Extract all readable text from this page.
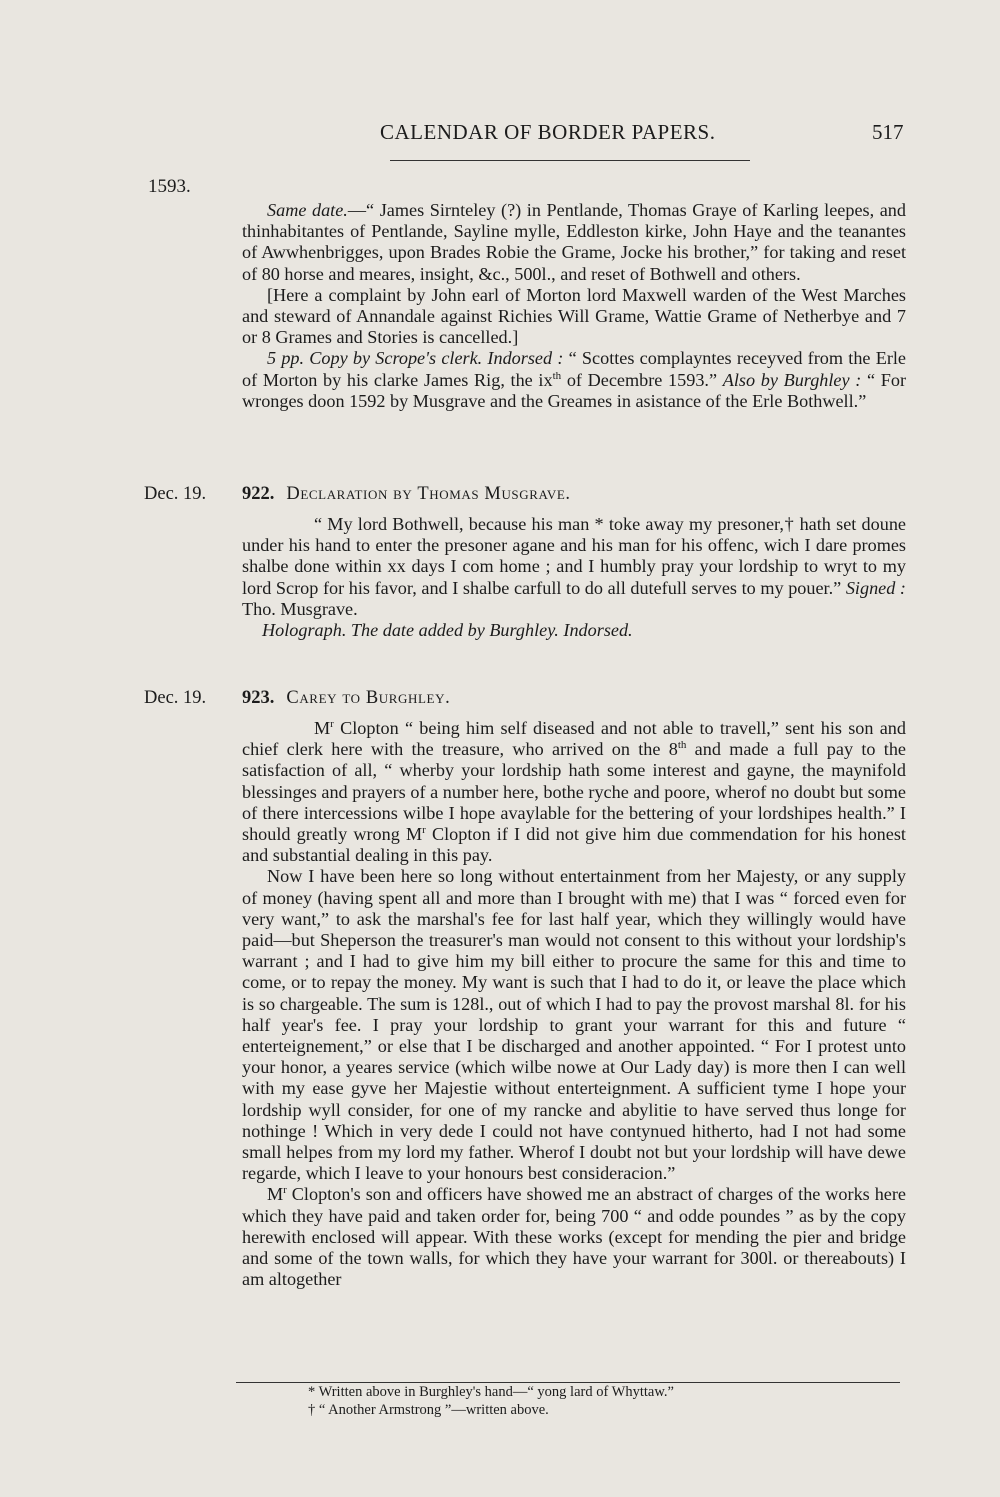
CALENDAR OF BORDER PAPERS.	517
1593.

Same date.—“ James Sirnteley (?) in Pentlande, Thomas Graye of Karling leepes, and thinhabitantes of Pentlande, Sayline mylle, Eddleston kirke, John Haye and the teanantes of Awwhenbrigges, upon Brades Robie the Grame, Jocke his brother,” for taking and reset of 80 horse and meares, insight, &c., 500l., and reset of Bothwell and others.

[Here a complaint by John earl of Morton lord Maxwell warden of the West Marches and steward of Annandale against Richies Will Grame, Wattie Grame of Netherbye and 7 or 8 Grames and Stories is cancelled.]

5 pp. Copy by Scrope's clerk. Indorsed : “ Scottes complayntes receyved from the Erle of Morton by his clarke James Rig, the $ix^{th}$ of Decembre 1593.” Also by Burghley : “ For wronges doon 1592 by Musgrave and the Greames in asistance of the Erle Bothwell.”

Dec. 19. 922. Declaration by Thomas Musgrave.

“ My lord Bothwell, because his man * toke away my presoner,† hath set doune under his hand to enter the presoner agane and his man for his offenc, wich I dare promes shalbe done within xx days I com home ; and I humbly pray your lordship to wryt to my lord Scrop for his favor, and I shalbe carfull to do all dutefull serves to my pouer.” Signed : Tho. Musgrave.

Holograph. The date added by Burghley. Indorsed.

Dec. 19. 923. Carey to Burghley.

$M^r$ Clopton “ being him self diseased and not able to travell,” sent his son and chief clerk here with the treasure, who arrived on the 8th and made a full pay to the satisfaction of all, “ wherby your lordship hath some interest and gayne, the maynifold blessinges and prayers of a number here, bothe ryche and poore, wherof no doubt but some of there intercessions wilbe I hope avaylable for the bettering of your lordshipes health.” I should greatly wrong $M^r$ Clopton if I did not give him due commendation for his honest and substantial dealing in this pay.

Now I have been here so long without entertainment from her Majesty, or any supply of money (having spent all and more than I brought with me) that I was “ forced even for very want,” to ask the marshal's fee for last half year, which they willingly would have paid—but Sheperson the treasurer's man would not consent to this without your lordship's warrant ; and I had to give him my bill either to procure the same for this and time to come, or to repay the money. My want is such that I had to do it, or leave the place which is so chargeable. The sum is 128l., out of which I had to pay the provost marshal 8l. for his half year's fee. I pray your lordship to grant your warrant for this and future “ enterteignement,” or else that I be discharged and another appointed. “ For I protest unto your honor, a yeares service (which wilbe nowe at Our Lady day) is more then I can well with my ease gyve her Majestie without enterteignment. A sufficient tyme I hope your lordship wyll consider, for one of my rancke and abylitie to have served thus longe for nothinge ! Which in very dede I could not have contynued hitherto, had I not had some small helpes from my lord my father. Wherof I doubt not but your lordship will have dewe regarde, which I leave to your honours best consideracion.”

$M^r$ Clopton's son and officers have showed me an abstract of charges of the works here which they have paid and taken order for, being 700 “ and odde poundes ” as by the copy herewith enclosed will appear. With these works (except for mending the pier and bridge and some of the town walls, for which they have your warrant for 300l. or thereabouts) I am altogether

* Written above in Burghley's hand—“ yong lard of Whyttaw.”
† “ Another Armstrong ”—written above.
